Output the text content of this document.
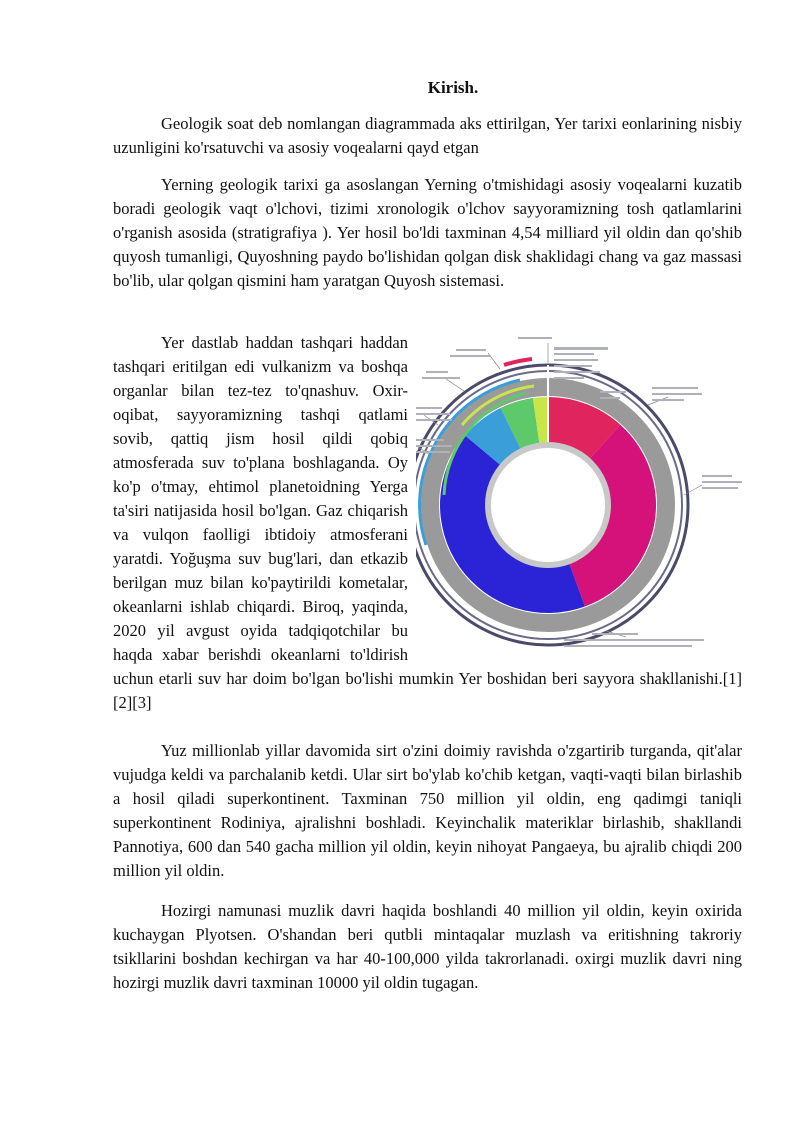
Kirish.

Geologik soat deb nomlangan diagrammada aks ettirilgan, Yer tarixi eonlarining nisbiy uzunligini ko'rsatuvchi va asosiy voqealarni qayd etgan

Yerning geologik tarixi ga asoslangan Yerning o'tmishidagi asosiy voqealarni kuzatib boradi geologik vaqt o'lchovi, tizimi xronologik o'lchov sayyoramizning tosh qatlamlarini o'rganish asosida (stratigrafiya ). Yer hosil bo'ldi taxminan 4,54 milliard yil oldin dan qo'shib quyosh tumanligi, Quyoshning paydo bo'lishidan qolgan disk shaklidagi chang va gaz massasi bo'lib, ular qolgan qismini ham yaratgan Quyosh sistemasi.

Yer dastlab haddan tashqari haddan tashqari eritilgan edi vulkanizm va boshqa organlar bilan tez-tez to'qnashuv. Oxir-oqibat, sayyoramizning tashqi qatlami sovib, qattiq jism hosil qildi qobiq atmosferada suv to'plana boshlaganda. Oy ko'p o'tmay, ehtimol planetoidning Yerga ta'siri natijasida hosil bo'lgan. Gaz chiqarish va vulqon faolligi ibtidoiy atmosferani yaratdi. Yoğuşma suv bug'lari, dan etkazib berilgan muz bilan ko'paytirildi kometalar, okeanlarni ishlab chiqardi. Biroq, yaqinda, 2020 yil avgust oyida tadqiqotchilar bu haqda xabar berishdi okeanlarni to'ldirish uchun etarli suv har doim bo'lgan bo'lishi mumkin Yer boshidan beri sayyora shakllanishi.[1][2][3]

Yuz millionlab yillar davomida sirt o'zini doimiy ravishda o'zgartirib turganda, qit'alar vujudga keldi va parchalanib ketdi. Ular sirt bo'ylab ko'chib ketgan, vaqti-vaqti bilan birlashib a hosil qiladi superkontinent. Taxminan 750 million yil oldin, eng qadimgi taniqli superkontinent Rodiniya, ajralishni boshladi. Keyinchalik materiklar birlashib, shakllandi Pannotiya, 600 dan 540 gacha million yil oldin, keyin nihoyat Pangaeya, bu ajralib chiqdi 200 million yil oldin.

Hozirgi namunasi muzlik davri haqida boshlandi 40 million yil oldin, keyin oxirida kuchaygan Plyotsen. O'shandan beri qutbli mintaqalar muzlash va eritishning takroriy tsikllarini boshdan kechirgan va har 40-100,000 yilda takrorlanadi. oxirgi muzlik davri ning hozirgi muzlik davri taxminan 10000 yil oldin tugagan.
